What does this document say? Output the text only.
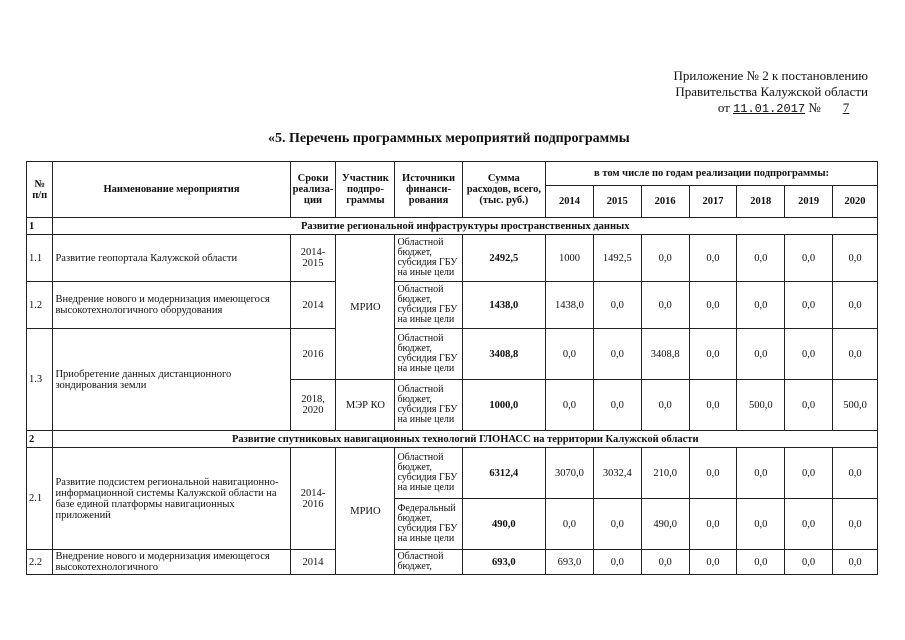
Приложение № 2 к постановлению
Правительства Калужской области
от 11.01.2017 № 7
«5. Перечень программных мероприятий подпрограммы
№ п/п	Наименование мероприятия	Сроки реализа-ции	Участник подпро-граммы	Источники финанси-рования	Сумма расходов, всего, (тыс. руб.)	в том числе по годам реализации подпрограммы:						
						2014	2015	2016	2017	2018	2019	2020
1	Развитие региональной инфраструктуры пространственных данных											
1.1	Развитие геопортала Калужской области	2014-2015	МРИО	Областной бюджет, субсидия ГБУ на иные цели	2492,5	1000	1492,5	0,0	0,0	0,0	0,0	0,0
1.2	Внедрение нового и модернизация имеющегося высокотехнологичного оборудования	2014		Областной бюджет, субсидия ГБУ на иные цели	1438,0	1438,0	0,0	0,0	0,0	0,0	0,0	0,0
1.3	Приобретение данных дистанционного зондирования земли	2016		Областной бюджет, субсидия ГБУ на иные цели	3408,8	0,0	0,0	3408,8	0,0	0,0	0,0	0,0
		2018, 2020	МЭР КО	Областной бюджет, субсидия ГБУ на иные цели	1000,0	0,0	0,0	0,0	0,0	500,0	0,0	500,0
2	Развитие спутниковых навигационных технологий ГЛОНАСС на территории Калужской области											
2.1	Развитие подсистем региональной навигационно-информационной системы Калужской области на базе единой платформы навигационных приложений	2014-2016	МРИО	Областной бюджет, субсидия ГБУ на иные цели	6312,4	3070,0	3032,4	210,0	0,0	0,0	0,0	0,0
				Федеральный бюджет, субсидия ГБУ на иные цели	490,0	0,0	0,0	490,0	0,0	0,0	0,0	0,0
2.2	Внедрение нового и модернизация имеющегося высокотехнологичного	2014		Областной бюджет,	693,0	693,0	0,0	0,0	0,0	0,0	0,0	0,0
